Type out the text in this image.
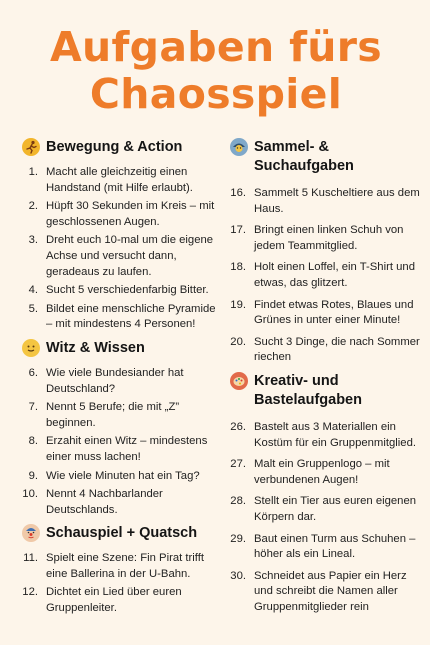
Aufgaben fürs
Chaosspiel
Bewegung & Action
1. Macht alle gleichzeitig einen Handstand (mit Hilfe erlaubt).
2. Hüpft 30 Sekunden im Kreis – mit geschlossenen Augen.
3. Dreht euch 10-mal um die eigene Achse und versucht dann, geradeaus zu laufen.
4. Sucht 5 verschiedenfarbig Bitter.
5. Bildet eine menschliche Pyramide – mit mindestens 4 Personen!
Witz & Wissen
6. Wie viele Bundesiander hat Deutschland?
7. Nennt 5 Berufe; die mit „Z” beginnen.
8. Erzahit einen Witz – mindestens einer muss lachen!
9. Wie viele Minuten hat ein Tag?
10. Nennt 4 Nachbarlander Deutschlands.
Schauspiel + Quatsch
11. Spielt eine Szene: Fin Pirat trifft eine Ballerina in der U-Bahn.
12. Dichtet ein Lied über euren Gruppenleiter.
Sammel- & Suchaufgaben
16. Sammelt 5 Kuscheltiere aus dem Haus.
17. Bringt einen linken Schuh von jedem Teammitglied.
18. Holt einen Loffel, ein T-Shirt und etwas, das glitzert.
19. Findet etwas Rotes, Blaues und Grünes in unter einer Minute!
20. Sucht 3 Dinge, die nach Sommer riechen
Kreativ- und Bastelaufgaben
26. Bastelt aus 3 Materiallen ein Kostüm für ein Gruppenmitglied.
27. Malt ein Gruppenlogo – mit verbundenen Augen!
28. Stellt ein Tier aus euren eigenen Körpern dar.
29. Baut einen Turm aus Schuhen – höher als ein Lineal.
30. Schneidet aus Papier ein Herz und schreibt die Namen aller Gruppenmitglieder rein
